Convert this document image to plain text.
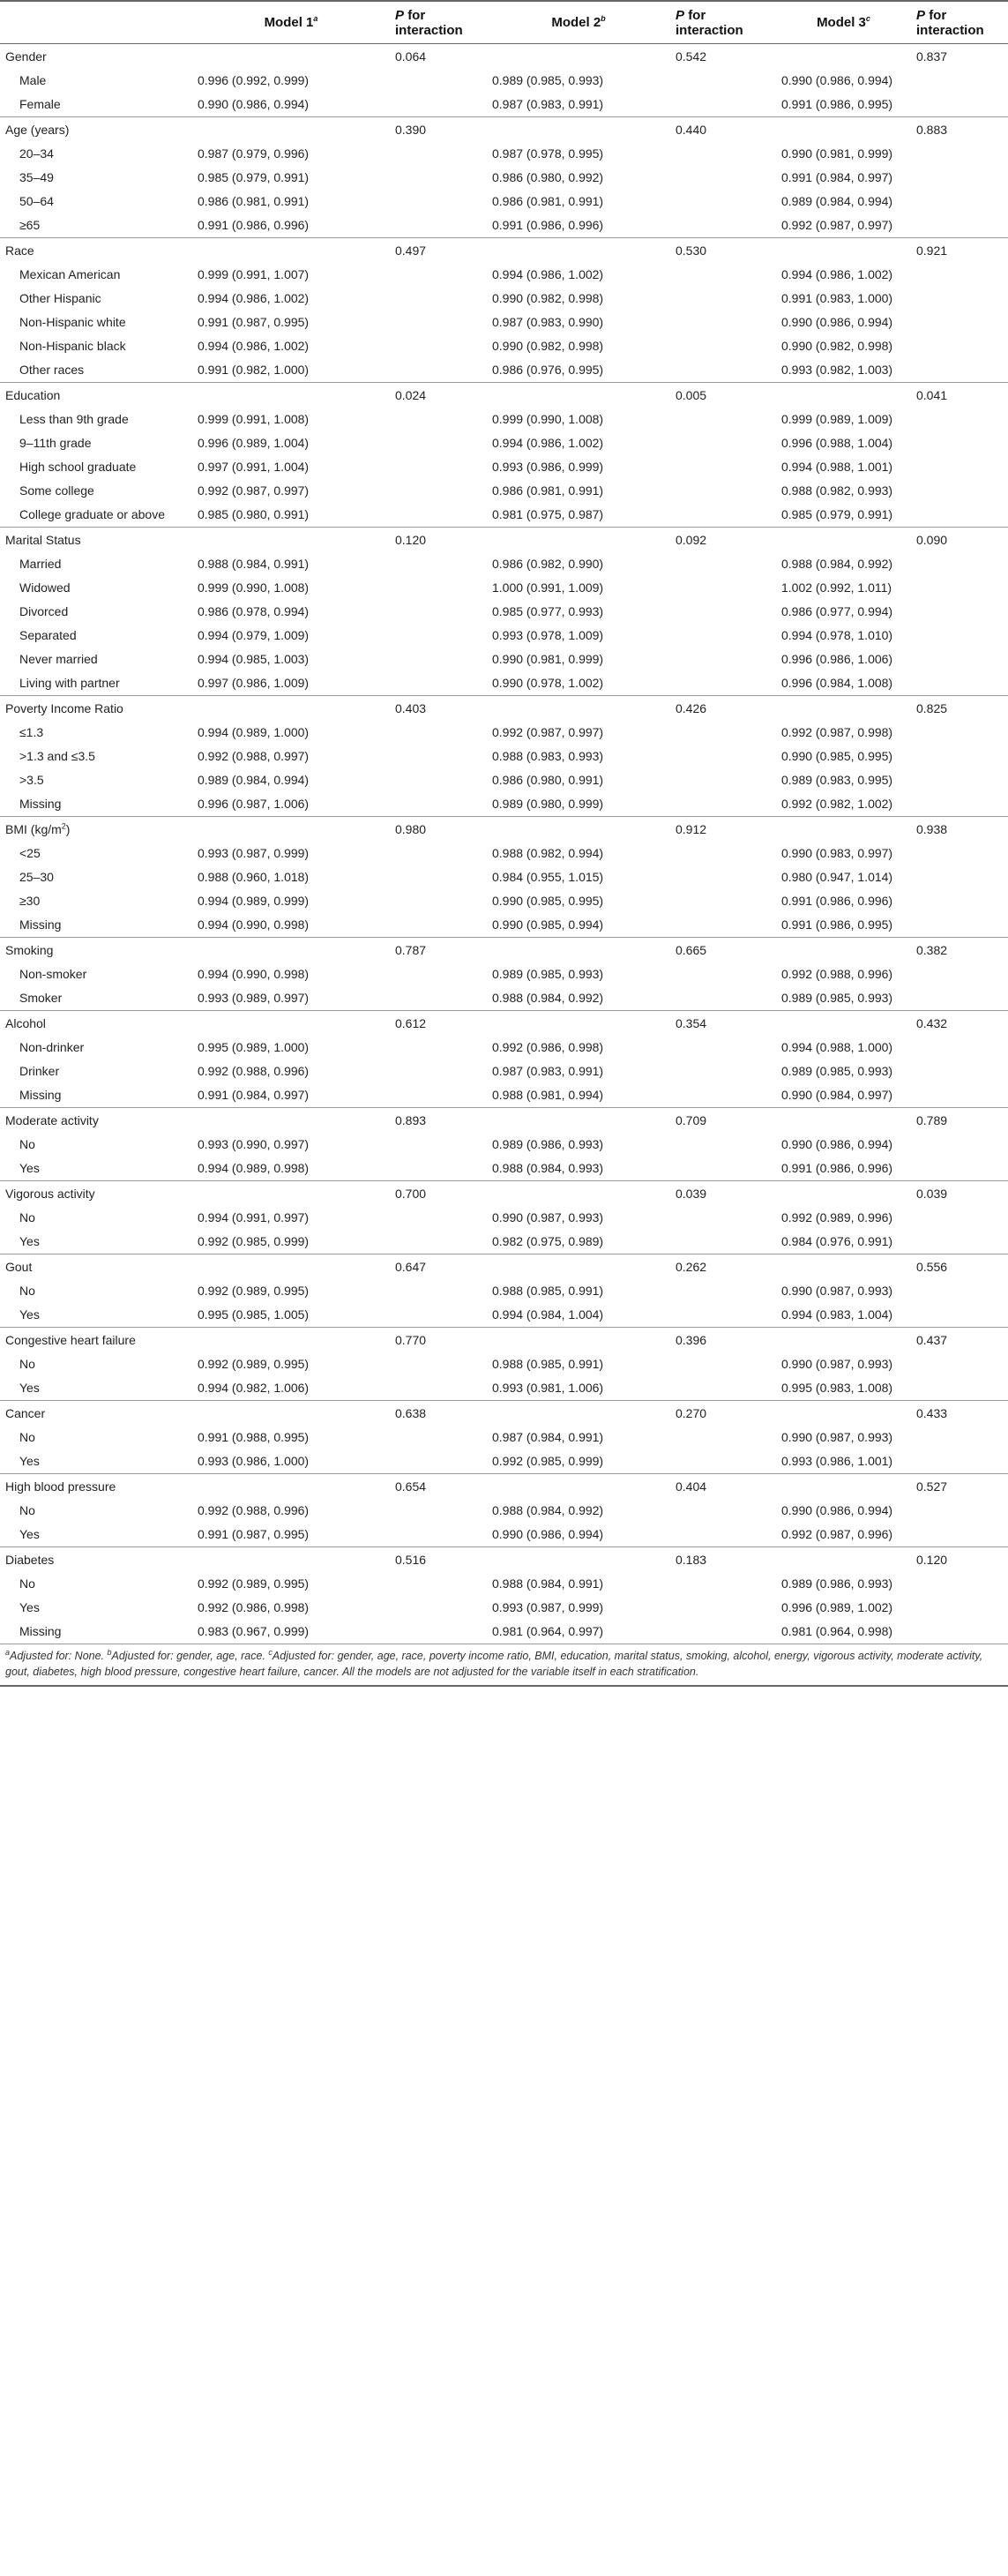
	Model 1$^a$	P for interaction	Model 2$^b$	P for interaction	Model 3$^c$	P for interaction
Gender		0.064		0.542		0.837
Male	0.996 (0.992, 0.999)		0.989 (0.985, 0.993)		0.990 (0.986, 0.994)	
Female	0.990 (0.986, 0.994)		0.987 (0.983, 0.991)		0.991 (0.986, 0.995)	
Age (years)		0.390		0.440		0.883
20–34	0.987 (0.979, 0.996)		0.987 (0.978, 0.995)		0.990 (0.981, 0.999)	
35–49	0.985 (0.979, 0.991)		0.986 (0.980, 0.992)		0.991 (0.984, 0.997)	
50–64	0.986 (0.981, 0.991)		0.986 (0.981, 0.991)		0.989 (0.984, 0.994)	
≥65	0.991 (0.986, 0.996)		0.991 (0.986, 0.996)		0.992 (0.987, 0.997)	
Race		0.497		0.530		0.921
Mexican American	0.999 (0.991, 1.007)		0.994 (0.986, 1.002)		0.994 (0.986, 1.002)	
Other Hispanic	0.994 (0.986, 1.002)		0.990 (0.982, 0.998)		0.991 (0.983, 1.000)	
Non-Hispanic white	0.991 (0.987, 0.995)		0.987 (0.983, 0.990)		0.990 (0.986, 0.994)	
Non-Hispanic black	0.994 (0.986, 1.002)		0.990 (0.982, 0.998)		0.990 (0.982, 0.998)	
Other races	0.991 (0.982, 1.000)		0.986 (0.976, 0.995)		0.993 (0.982, 1.003)	
Education		0.024		0.005		0.041
Less than 9th grade	0.999 (0.991, 1.008)		0.999 (0.990, 1.008)		0.999 (0.989, 1.009)	
9–11th grade	0.996 (0.989, 1.004)		0.994 (0.986, 1.002)		0.996 (0.988, 1.004)	
High school graduate	0.997 (0.991, 1.004)		0.993 (0.986, 0.999)		0.994 (0.988, 1.001)	
Some college	0.992 (0.987, 0.997)		0.986 (0.981, 0.991)		0.988 (0.982, 0.993)	
College graduate or above	0.985 (0.980, 0.991)		0.981 (0.975, 0.987)		0.985 (0.979, 0.991)	
Marital Status		0.120		0.092		0.090
Married	0.988 (0.984, 0.991)		0.986 (0.982, 0.990)		0.988 (0.984, 0.992)	
Widowed	0.999 (0.990, 1.008)		1.000 (0.991, 1.009)		1.002 (0.992, 1.011)	
Divorced	0.986 (0.978, 0.994)		0.985 (0.977, 0.993)		0.986 (0.977, 0.994)	
Separated	0.994 (0.979, 1.009)		0.993 (0.978, 1.009)		0.994 (0.978, 1.010)	
Never married	0.994 (0.985, 1.003)		0.990 (0.981, 0.999)		0.996 (0.986, 1.006)	
Living with partner	0.997 (0.986, 1.009)		0.990 (0.978, 1.002)		0.996 (0.984, 1.008)	
Poverty Income Ratio		0.403		0.426		0.825
≤1.3	0.994 (0.989, 1.000)		0.992 (0.987, 0.997)		0.992 (0.987, 0.998)	
>1.3 and ≤3.5	0.992 (0.988, 0.997)		0.988 (0.983, 0.993)		0.990 (0.985, 0.995)	
>3.5	0.989 (0.984, 0.994)		0.986 (0.980, 0.991)		0.989 (0.983, 0.995)	
Missing	0.996 (0.987, 1.006)		0.989 (0.980, 0.999)		0.992 (0.982, 1.002)	
BMI $(kg/m^2)$		0.980		0.912		0.938
<25	0.993 (0.987, 0.999)		0.988 (0.982, 0.994)		0.990 (0.983, 0.997)	
25–30	0.988 (0.960, 1.018)		0.984 (0.955, 1.015)		0.980 (0.947, 1.014)	
≥30	0.994 (0.989, 0.999)		0.990 (0.985, 0.995)		0.991 (0.986, 0.996)	
Missing	0.994 (0.990, 0.998)		0.990 (0.985, 0.994)		0.991 (0.986, 0.995)	
Smoking		0.787		0.665		0.382
Non-smoker	0.994 (0.990, 0.998)		0.989 (0.985, 0.993)		0.992 (0.988, 0.996)	
Smoker	0.993 (0.989, 0.997)		0.988 (0.984, 0.992)		0.989 (0.985, 0.993)	
Alcohol		0.612		0.354		0.432
Non-drinker	0.995 (0.989, 1.000)		0.992 (0.986, 0.998)		0.994 (0.988, 1.000)	
Drinker	0.992 (0.988, 0.996)		0.987 (0.983, 0.991)		0.989 (0.985, 0.993)	
Missing	0.991 (0.984, 0.997)		0.988 (0.981, 0.994)		0.990 (0.984, 0.997)	
Moderate activity		0.893		0.709		0.789
No	0.993 (0.990, 0.997)		0.989 (0.986, 0.993)		0.990 (0.986, 0.994)	
Yes	0.994 (0.989, 0.998)		0.988 (0.984, 0.993)		0.991 (0.986, 0.996)	
Vigorous activity		0.700		0.039		0.039
No	0.994 (0.991, 0.997)		0.990 (0.987, 0.993)		0.992 (0.989, 0.996)	
Yes	0.992 (0.985, 0.999)		0.982 (0.975, 0.989)		0.984 (0.976, 0.991)	
Gout		0.647		0.262		0.556
No	0.992 (0.989, 0.995)		0.988 (0.985, 0.991)		0.990 (0.987, 0.993)	
Yes	0.995 (0.985, 1.005)		0.994 (0.984, 1.004)		0.994 (0.983, 1.004)	
Congestive heart failure		0.770		0.396		0.437
No	0.992 (0.989, 0.995)		0.988 (0.985, 0.991)		0.990 (0.987, 0.993)	
Yes	0.994 (0.982, 1.006)		0.993 (0.981, 1.006)		0.995 (0.983, 1.008)	
Cancer		0.638		0.270		0.433
No	0.991 (0.988, 0.995)		0.987 (0.984, 0.991)		0.990 (0.987, 0.993)	
Yes	0.993 (0.986, 1.000)		0.992 (0.985, 0.999)		0.993 (0.986, 1.001)	
High blood pressure		0.654		0.404		0.527
No	0.992 (0.988, 0.996)		0.988 (0.984, 0.992)		0.990 (0.986, 0.994)	
Yes	0.991 (0.987, 0.995)		0.990 (0.986, 0.994)		0.992 (0.987, 0.996)	
Diabetes		0.516		0.183		0.120
No	0.992 (0.989, 0.995)		0.988 (0.984, 0.991)		0.989 (0.986, 0.993)	
Yes	0.992 (0.986, 0.998)		0.993 (0.987, 0.999)		0.996 (0.989, 1.002)	
Missing	0.983 (0.967, 0.999)		0.981 (0.964, 0.997)		0.981 (0.964, 0.998)	
$^a$Adjusted for: None. $^b$Adjusted for: gender, age, race. $^c$Adjusted for: gender, age, race, poverty income ratio, BMI, education, marital status, smoking, alcohol, energy, vigorous activity, moderate activity, gout, diabetes, high blood pressure, congestive heart failure, cancer. All the models are not adjusted for the variable itself in each stratification.
